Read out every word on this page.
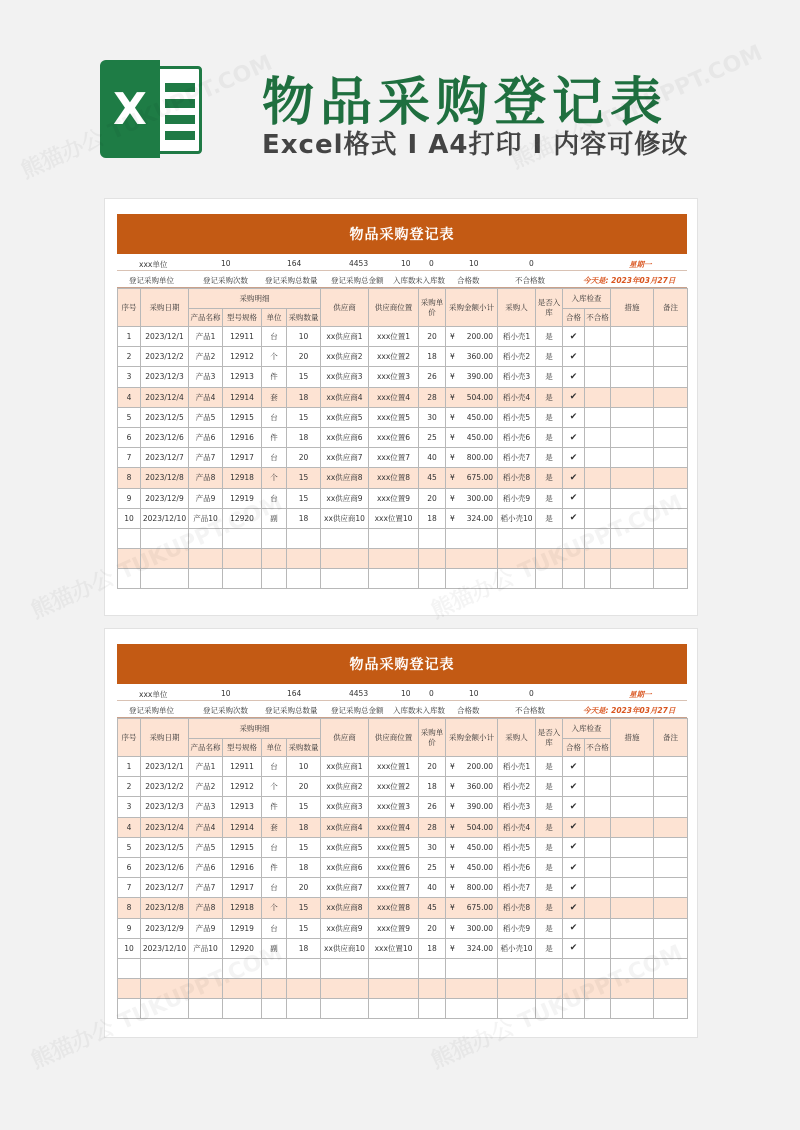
X 物品采购登记表
Excel格式 I A4打印 I 内容可修改
物品采购登记表
xxx单位	10	164	4453	10 0	10	0	星期一
登记采购单位	登记采购次数 登记采购总数量 登记采购总金额 入库数 未入库数 合格数	不合格数	今天是: 2023年03月27日
序号	采购日期	采购明细				供应商	供应商位置	采购单价	采购金额小计	采购人	是否入库	入库检查		措施	备注
		产品名称	型号规格	单位	采购数量							合格	不合格		
1	2023/12/1	产品1	12911	台	10	xx供应商1	xxx位置1	20	¥ 200.00	稻小壳1	是	✔			
2	2023/12/2	产品2	12912	个	20	xx供应商2	xxx位置2	18	¥ 360.00	稻小壳2	是	✔			
3	2023/12/3	产品3	12913	件	15	xx供应商3	xxx位置3	26	¥ 390.00	稻小壳3	是	✔			
4	2023/12/4	产品4	12914	套	18	xx供应商4	xxx位置4	28	¥ 504.00	稻小壳4	是	✔			
5	2023/12/5	产品5	12915	台	15	xx供应商5	xxx位置5	30	¥ 450.00	稻小壳5	是	✔			
6	2023/12/6	产品6	12916	件	18	xx供应商6	xxx位置6	25	¥ 450.00	稻小壳6	是	✔			
7	2023/12/7	产品7	12917	台	20	xx供应商7	xxx位置7	40	¥ 800.00	稻小壳7	是	✔			
8	2023/12/8	产品8	12918	个	15	xx供应商8	xxx位置8	45	¥ 675.00	稻小壳8	是	✔			
9	2023/12/9	产品9	12919	台	15	xx供应商9	xxx位置9	20	¥ 300.00	稻小壳9	是	✔			
10	2023/12/10	产品10	12920	副	18	xx供应商10	xxx位置10	18	¥ 324.00	稻小壳10	是	✔			

物品采购登记表
xxx单位	10	164	4453	10 0	10	0	星期一
登记采购单位	登记采购次数 登记采购总数量 登记采购总金额 入库数 未入库数 合格数	不合格数	今天是: 2023年03月27日
序号	采购日期	采购明细				供应商	供应商位置	采购单价	采购金额小计	采购人	是否入库	入库检查		措施	备注
		产品名称	型号规格	单位	采购数量							合格	不合格		
1	2023/12/1	产品1	12911	台	10	xx供应商1	xxx位置1	20	¥ 200.00	稻小壳1	是	✔			
2	2023/12/2	产品2	12912	个	20	xx供应商2	xxx位置2	18	¥ 360.00	稻小壳2	是	✔			
3	2023/12/3	产品3	12913	件	15	xx供应商3	xxx位置3	26	¥ 390.00	稻小壳3	是	✔			
4	2023/12/4	产品4	12914	套	18	xx供应商4	xxx位置4	28	¥ 504.00	稻小壳4	是	✔			
5	2023/12/5	产品5	12915	台	15	xx供应商5	xxx位置5	30	¥ 450.00	稻小壳5	是	✔			
6	2023/12/6	产品6	12916	件	18	xx供应商6	xxx位置6	25	¥ 450.00	稻小壳6	是	✔			
7	2023/12/7	产品7	12917	台	20	xx供应商7	xxx位置7	40	¥ 800.00	稻小壳7	是	✔			
8	2023/12/8	产品8	12918	个	15	xx供应商8	xxx位置8	45	¥ 675.00	稻小壳8	是	✔			
9	2023/12/9	产品9	12919	台	15	xx供应商9	xxx位置9	20	¥ 300.00	稻小壳9	是	✔			
10	2023/12/10	产品10	12920	副	18	xx供应商10	xxx位置10	18	¥ 324.00	稻小壳10	是	✔			
